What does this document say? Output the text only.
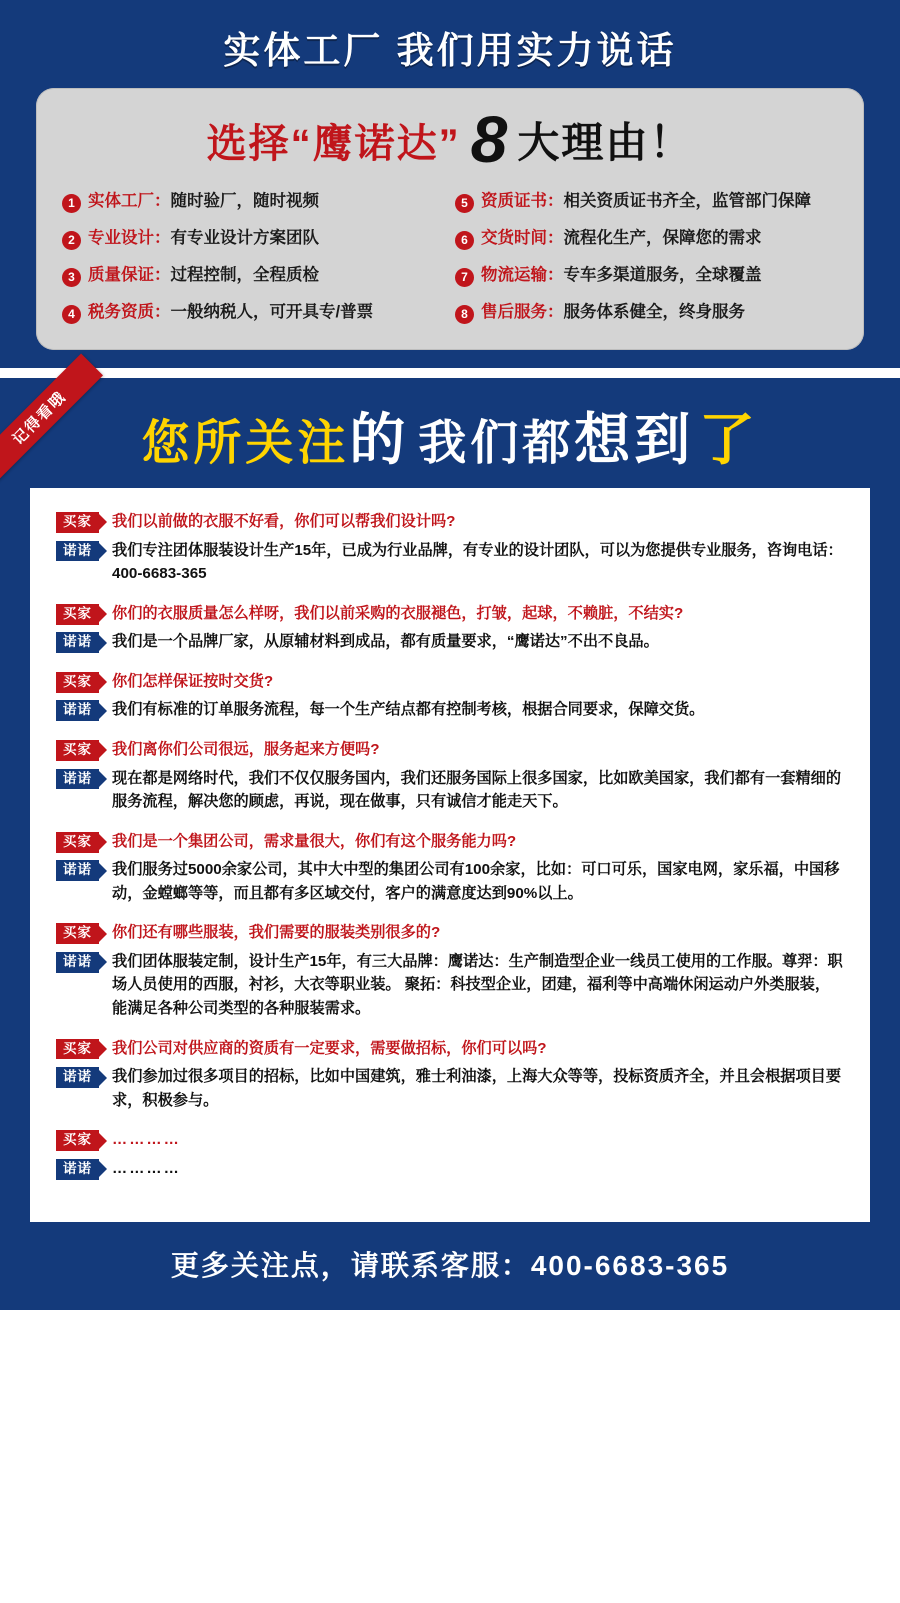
实体工厂 我们用实力说话
选择“鹰诺达” 8 大理由！
1 实体工厂：随时验厂，随时视频	5 资质证书：相关资质证书齐全，监管部门保障
2 专业设计：有专业设计方案团队	6 交货时间：流程化生产，保障您的需求
3 质量保证：过程控制，全程质检	7 物流运输：专车多渠道服务，全球覆盖
4 税务资质：一般纳税人，可开具专/普票	8 售后服务：服务体系健全，终身服务
记得看哦	您所关注的 我们都想到 了
买家	我们以前做的衣服不好看，你们可以帮我们设计吗?
诺诺	我们专注团体服装设计生产15年，已成为行业品牌，有专业的设计团队，可以为您提供专业服务，咨询电话：400-6683-365
买家	你们的衣服质量怎么样呀，我们以前采购的衣服褪色，打皱，起球，不赖脏，不结实?
诺诺	我们是一个品牌厂家，从原辅材料到成品，都有质量要求，“鹰诺达”不出不良品。
买家	你们怎样保证按时交货?
诺诺	我们有标准的订单服务流程，每一个生产结点都有控制考核，根据合同要求，保障交货。
买家	我们离你们公司很远，服务起来方便吗?
诺诺	现在都是网络时代，我们不仅仅服务国内，我们还服务国际上很多国家，比如欧美国家，我们都有一套精细的服务流程，解决您的顾虑，再说，现在做事，只有诚信才能走天下。
买家	我们是一个集团公司，需求量很大，你们有这个服务能力吗?
诺诺	我们服务过5000余家公司，其中大中型的集团公司有100余家，比如：可口可乐，国家电网，家乐福，中国移动，金螳螂等等，而且都有多区域交付，客户的满意度达到90%以上。
买家	你们还有哪些服装，我们需要的服装类别很多的?
诺诺	我们团体服装定制，设计生产15年，有三大品牌：鹰诺达：生产制造型企业一线员工使用的工作服。尊羿：职场人员使用的西服，衬衫，大衣等职业装。 聚拓：科技型企业，团建，福利等中高端休闲运动户外类服装，能满足各种公司类型的各种服装需求。
买家	我们公司对供应商的资质有一定要求，需要做招标，你们可以吗?
诺诺	我们参加过很多项目的招标，比如中国建筑，雅士利油漆，上海大众等等，投标资质齐全，并且会根据项目要求，积极参与。
买家	…………
诺诺	…………
更多关注点，请联系客服：400-6683-365
